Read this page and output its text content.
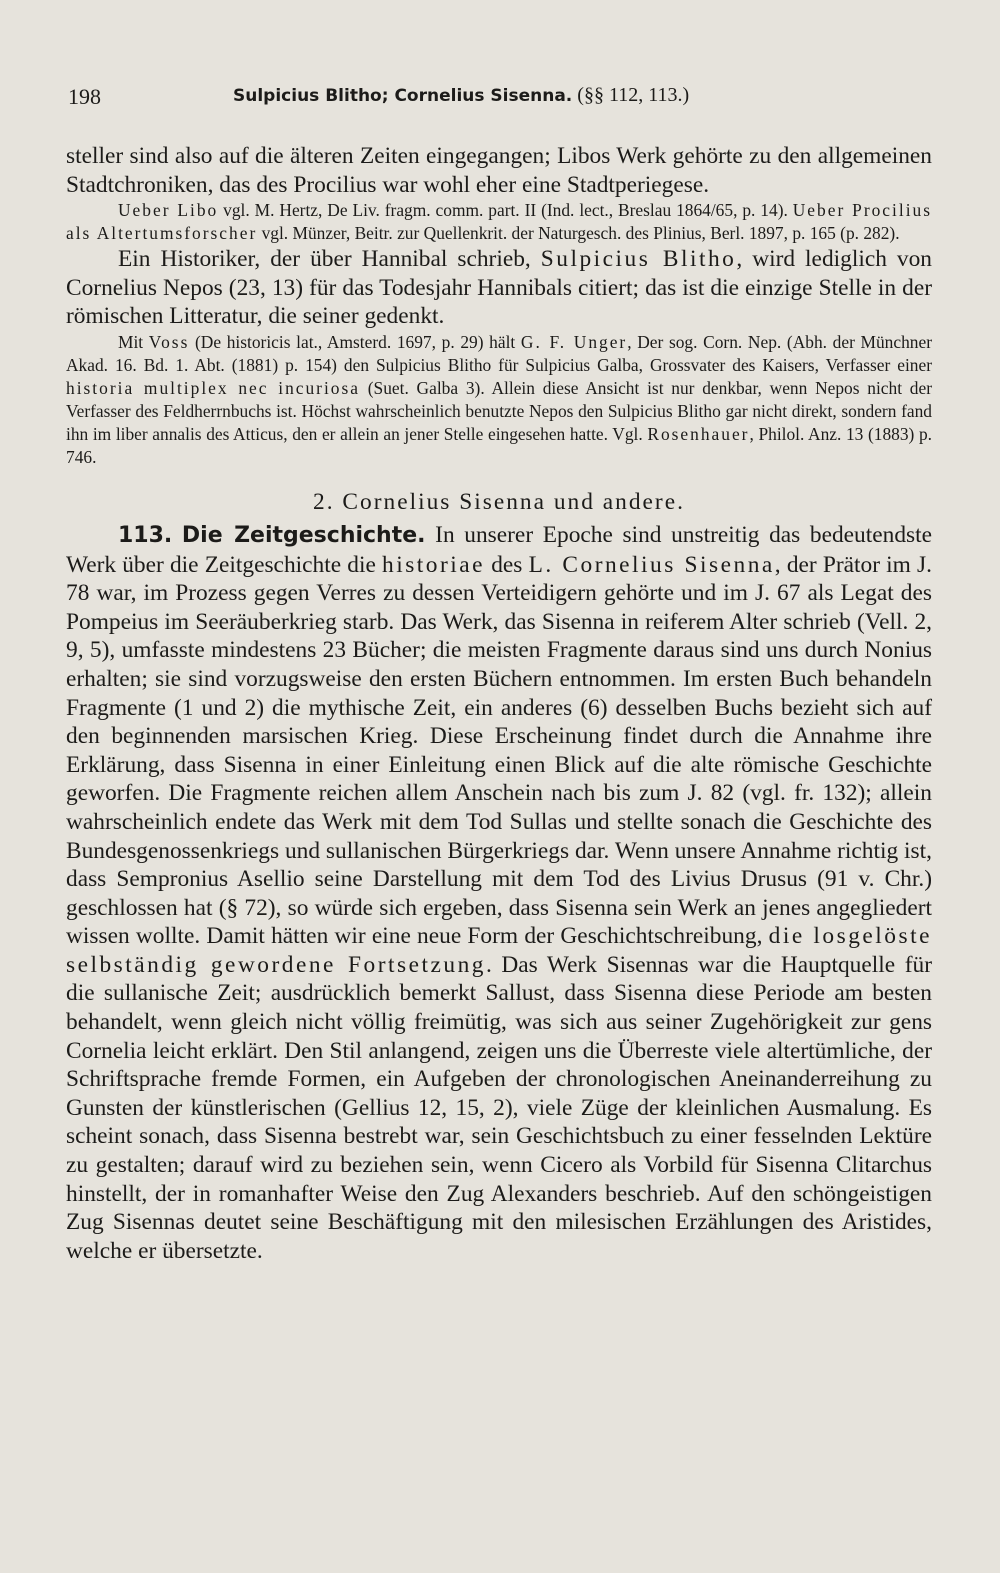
198	Sulpicius Blitho; Cornelius Sisenna. (§§ 112, 113.)

steller sind also auf die älteren Zeiten eingegangen; Libos Werk gehörte zu den allgemeinen Stadtchroniken, das des Procilius war wohl eher eine Stadtperiegese.

Ueber Libo vgl. M. Hertz, De Liv. fragm. comm. part. II (Ind. lect., Breslau 1864/65, p. 14). Ueber Procilius als Altertumsforscher vgl. Münzer, Beitr. zur Quellenkrit. der Naturgesch. des Plinius, Berl. 1897, p. 165 (p. 282).

Ein Historiker, der über Hannibal schrieb, Sulpicius Blitho, wird lediglich von Cornelius Nepos (23, 13) für das Todesjahr Hannibals citiert; das ist die einzige Stelle in der römischen Litteratur, die seiner gedenkt.

Mit Voss (De historicis lat., Amsterd. 1697, p. 29) hält G. F. Unger, Der sog. Corn. Nep. (Abh. der Münchner Akad. 16. Bd. 1. Abt. (1881) p. 154) den Sulpicius Blitho für Sulpicius Galba, Grossvater des Kaisers, Verfasser einer historia multiplex nec incuriosa (Suet. Galba 3). Allein diese Ansicht ist nur denkbar, wenn Nepos nicht der Verfasser des Feldherrnbuchs ist. Höchst wahrscheinlich benutzte Nepos den Sulpicius Blitho gar nicht direkt, sondern fand ihn im liber annalis des Atticus, den er allein an jener Stelle eingesehen hatte. Vgl. Rosenhauer, Philol. Anz. 13 (1883) p. 746.

2. Cornelius Sisenna und andere.

113. Die Zeitgeschichte. In unserer Epoche sind unstreitig das bedeutendste Werk über die Zeitgeschichte die historiae des L. Cornelius Sisenna, der Prätor im J. 78 war, im Prozess gegen Verres zu dessen Verteidigern gehörte und im J. 67 als Legat des Pompeius im Seeräuberkrieg starb. Das Werk, das Sisenna in reiferem Alter schrieb (Vell. 2, 9, 5), umfasste mindestens 23 Bücher; die meisten Fragmente daraus sind uns durch Nonius erhalten; sie sind vorzugsweise den ersten Büchern entnommen. Im ersten Buch behandeln Fragmente (1 und 2) die mythische Zeit, ein anderes (6) desselben Buchs bezieht sich auf den beginnenden marsischen Krieg. Diese Erscheinung findet durch die Annahme ihre Erklärung, dass Sisenna in einer Einleitung einen Blick auf die alte römische Geschichte geworfen. Die Fragmente reichen allem Anschein nach bis zum J. 82 (vgl. fr. 132); allein wahrscheinlich endete das Werk mit dem Tod Sullas und stellte sonach die Geschichte des Bundesgenossenkriegs und sullanischen Bürgerkriegs dar. Wenn unsere Annahme richtig ist, dass Sempronius Asellio seine Darstellung mit dem Tod des Livius Drusus (91 v. Chr.) geschlossen hat (§ 72), so würde sich ergeben, dass Sisenna sein Werk an jenes angegliedert wissen wollte. Damit hätten wir eine neue Form der Geschichtschreibung, die losgelöste selbständig gewordene Fortsetzung. Das Werk Sisennas war die Hauptquelle für die sullanische Zeit; ausdrücklich bemerkt Sallust, dass Sisenna diese Periode am besten behandelt, wenn gleich nicht völlig freimütig, was sich aus seiner Zugehörigkeit zur gens Cornelia leicht erklärt. Den Stil anlangend, zeigen uns die Überreste viele altertümliche, der Schriftsprache fremde Formen, ein Aufgeben der chronologischen Aneinanderreihung zu Gunsten der künstlerischen (Gellius 12, 15, 2), viele Züge der kleinlichen Ausmalung. Es scheint sonach, dass Sisenna bestrebt war, sein Geschichtsbuch zu einer fesselnden Lektüre zu gestalten; darauf wird zu beziehen sein, wenn Cicero als Vorbild für Sisenna Clitarchus hinstellt, der in romanhafter Weise den Zug Alexanders beschrieb. Auf den schöngeistigen Zug Sisennas deutet seine Beschäftigung mit den milesischen Erzählungen des Aristides, welche er übersetzte.
